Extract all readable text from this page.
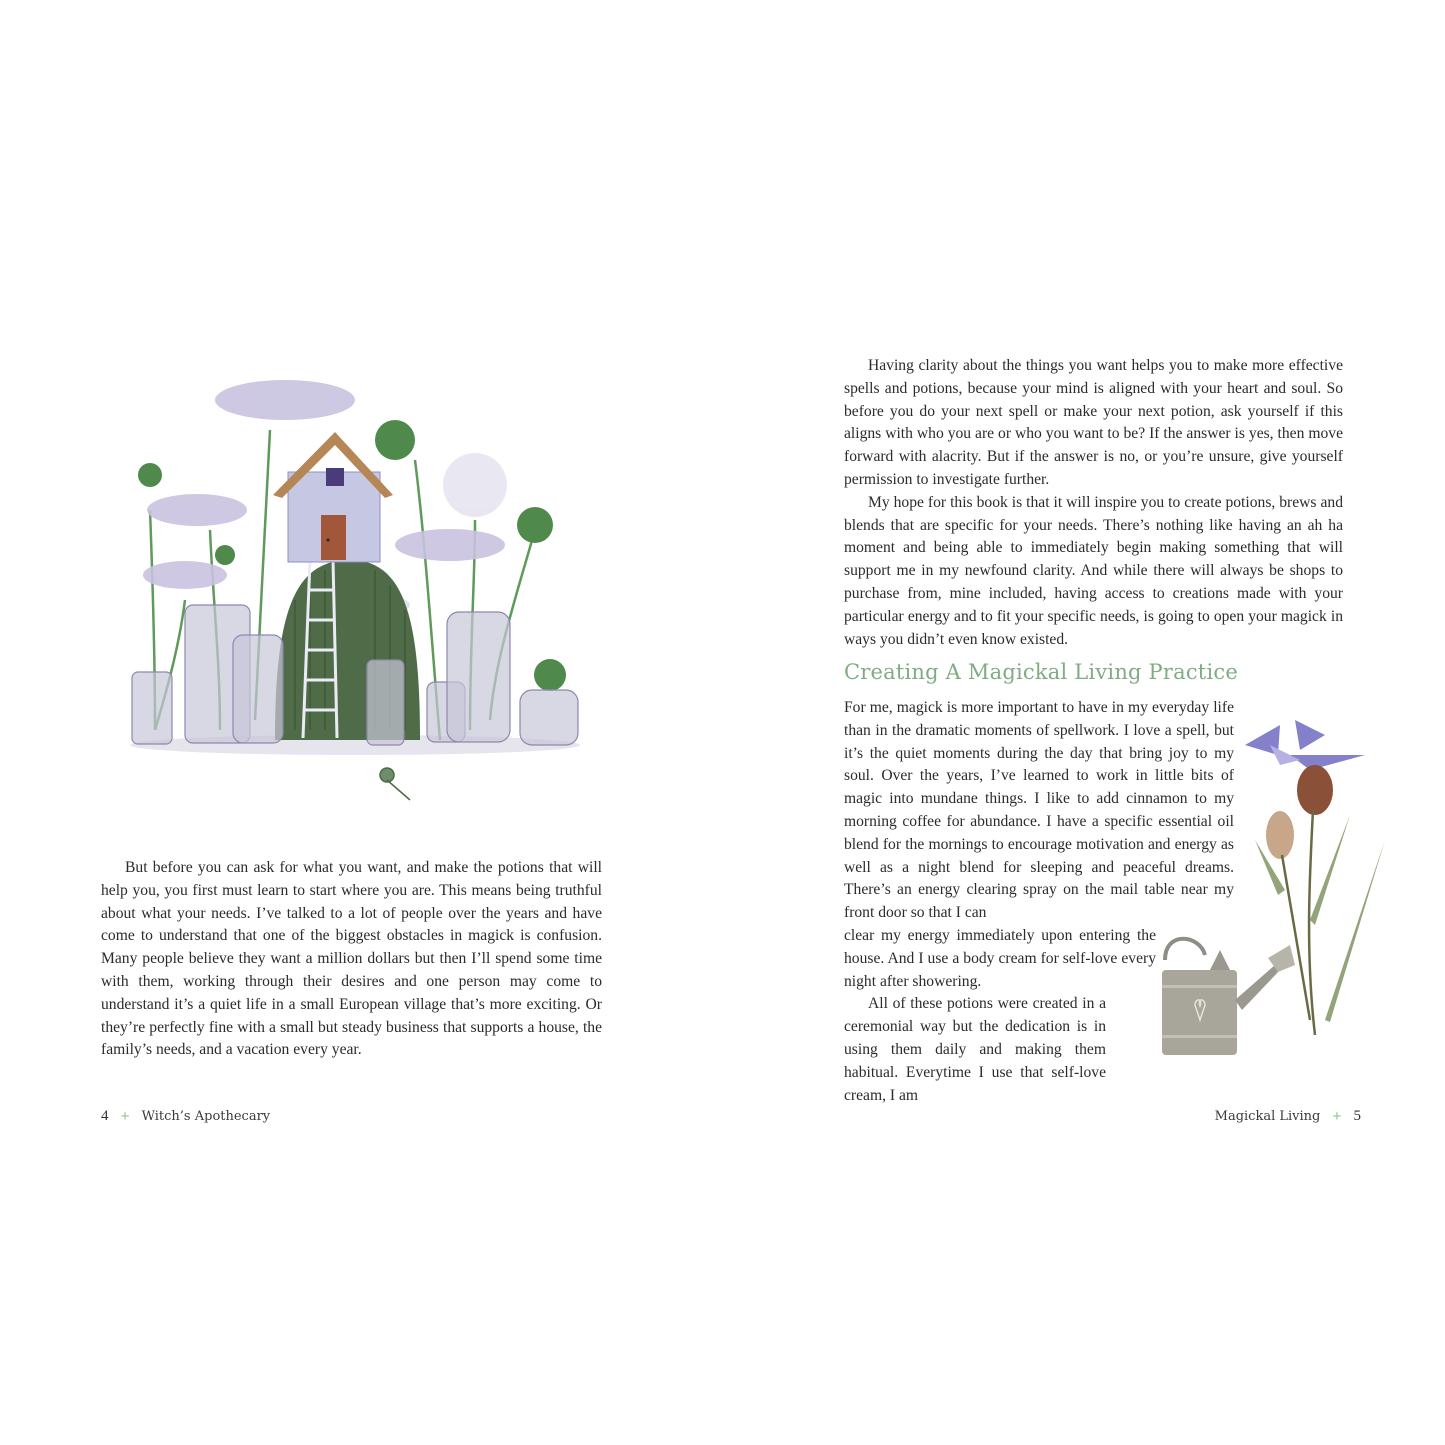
But before you can ask for what you want, and make the potions that will help you, you first must learn to start where you are. This means being truthful about what your needs. I’ve talked to a lot of people over the years and have come to understand that one of the biggest obstacles in magick is confusion. Many people believe they want a million dollars but then I’ll spend some time with them, working through their desires and one person may come to understand it’s a quiet life in a small European village that’s more exciting. Or they’re perfectly fine with a small but steady business that supports a house, the family’s needs, and a vacation every year.

4 + Witch’s Apothecary

Having clarity about the things you want helps you to make more effective spells and potions, because your mind is aligned with your heart and soul. So before you do your next spell or make your next potion, ask yourself if this aligns with who you are or who you want to be? If the answer is yes, then move forward with alacrity. But if the answer is no, or you’re unsure, give yourself permission to investigate further.

My hope for this book is that it will inspire you to create potions, brews and blends that are specific for your needs. There’s nothing like having an ah ha moment and being able to immediately begin making something that will support me in my newfound clarity. And while there will always be shops to purchase from, mine included, having access to creations made with your particular energy and to fit your specific needs, is going to open your magick in ways you didn’t even know existed.

Creating A Magickal Living Practice

For me, magick is more important to have in my everyday life than in the dramatic moments of spellwork. I love a spell, but it’s the quiet moments during the day that bring joy to my soul. Over the years, I’ve learned to work in little bits of magic into mundane things. I like to add cinnamon to my morning coffee for abundance. I have a specific essential oil blend for the mornings to encourage motivation and energy as well as a night blend for sleeping and peaceful dreams. There’s an energy clearing spray on the mail table near my front door so that I can

clear my energy immediately upon entering the house. And I use a body cream for self-love every night after showering.

All of these potions were created in a ceremonial way but the dedication is in using them daily and making them habitual. Everytime I use that self-love cream, I am

Magickal Living + 5
